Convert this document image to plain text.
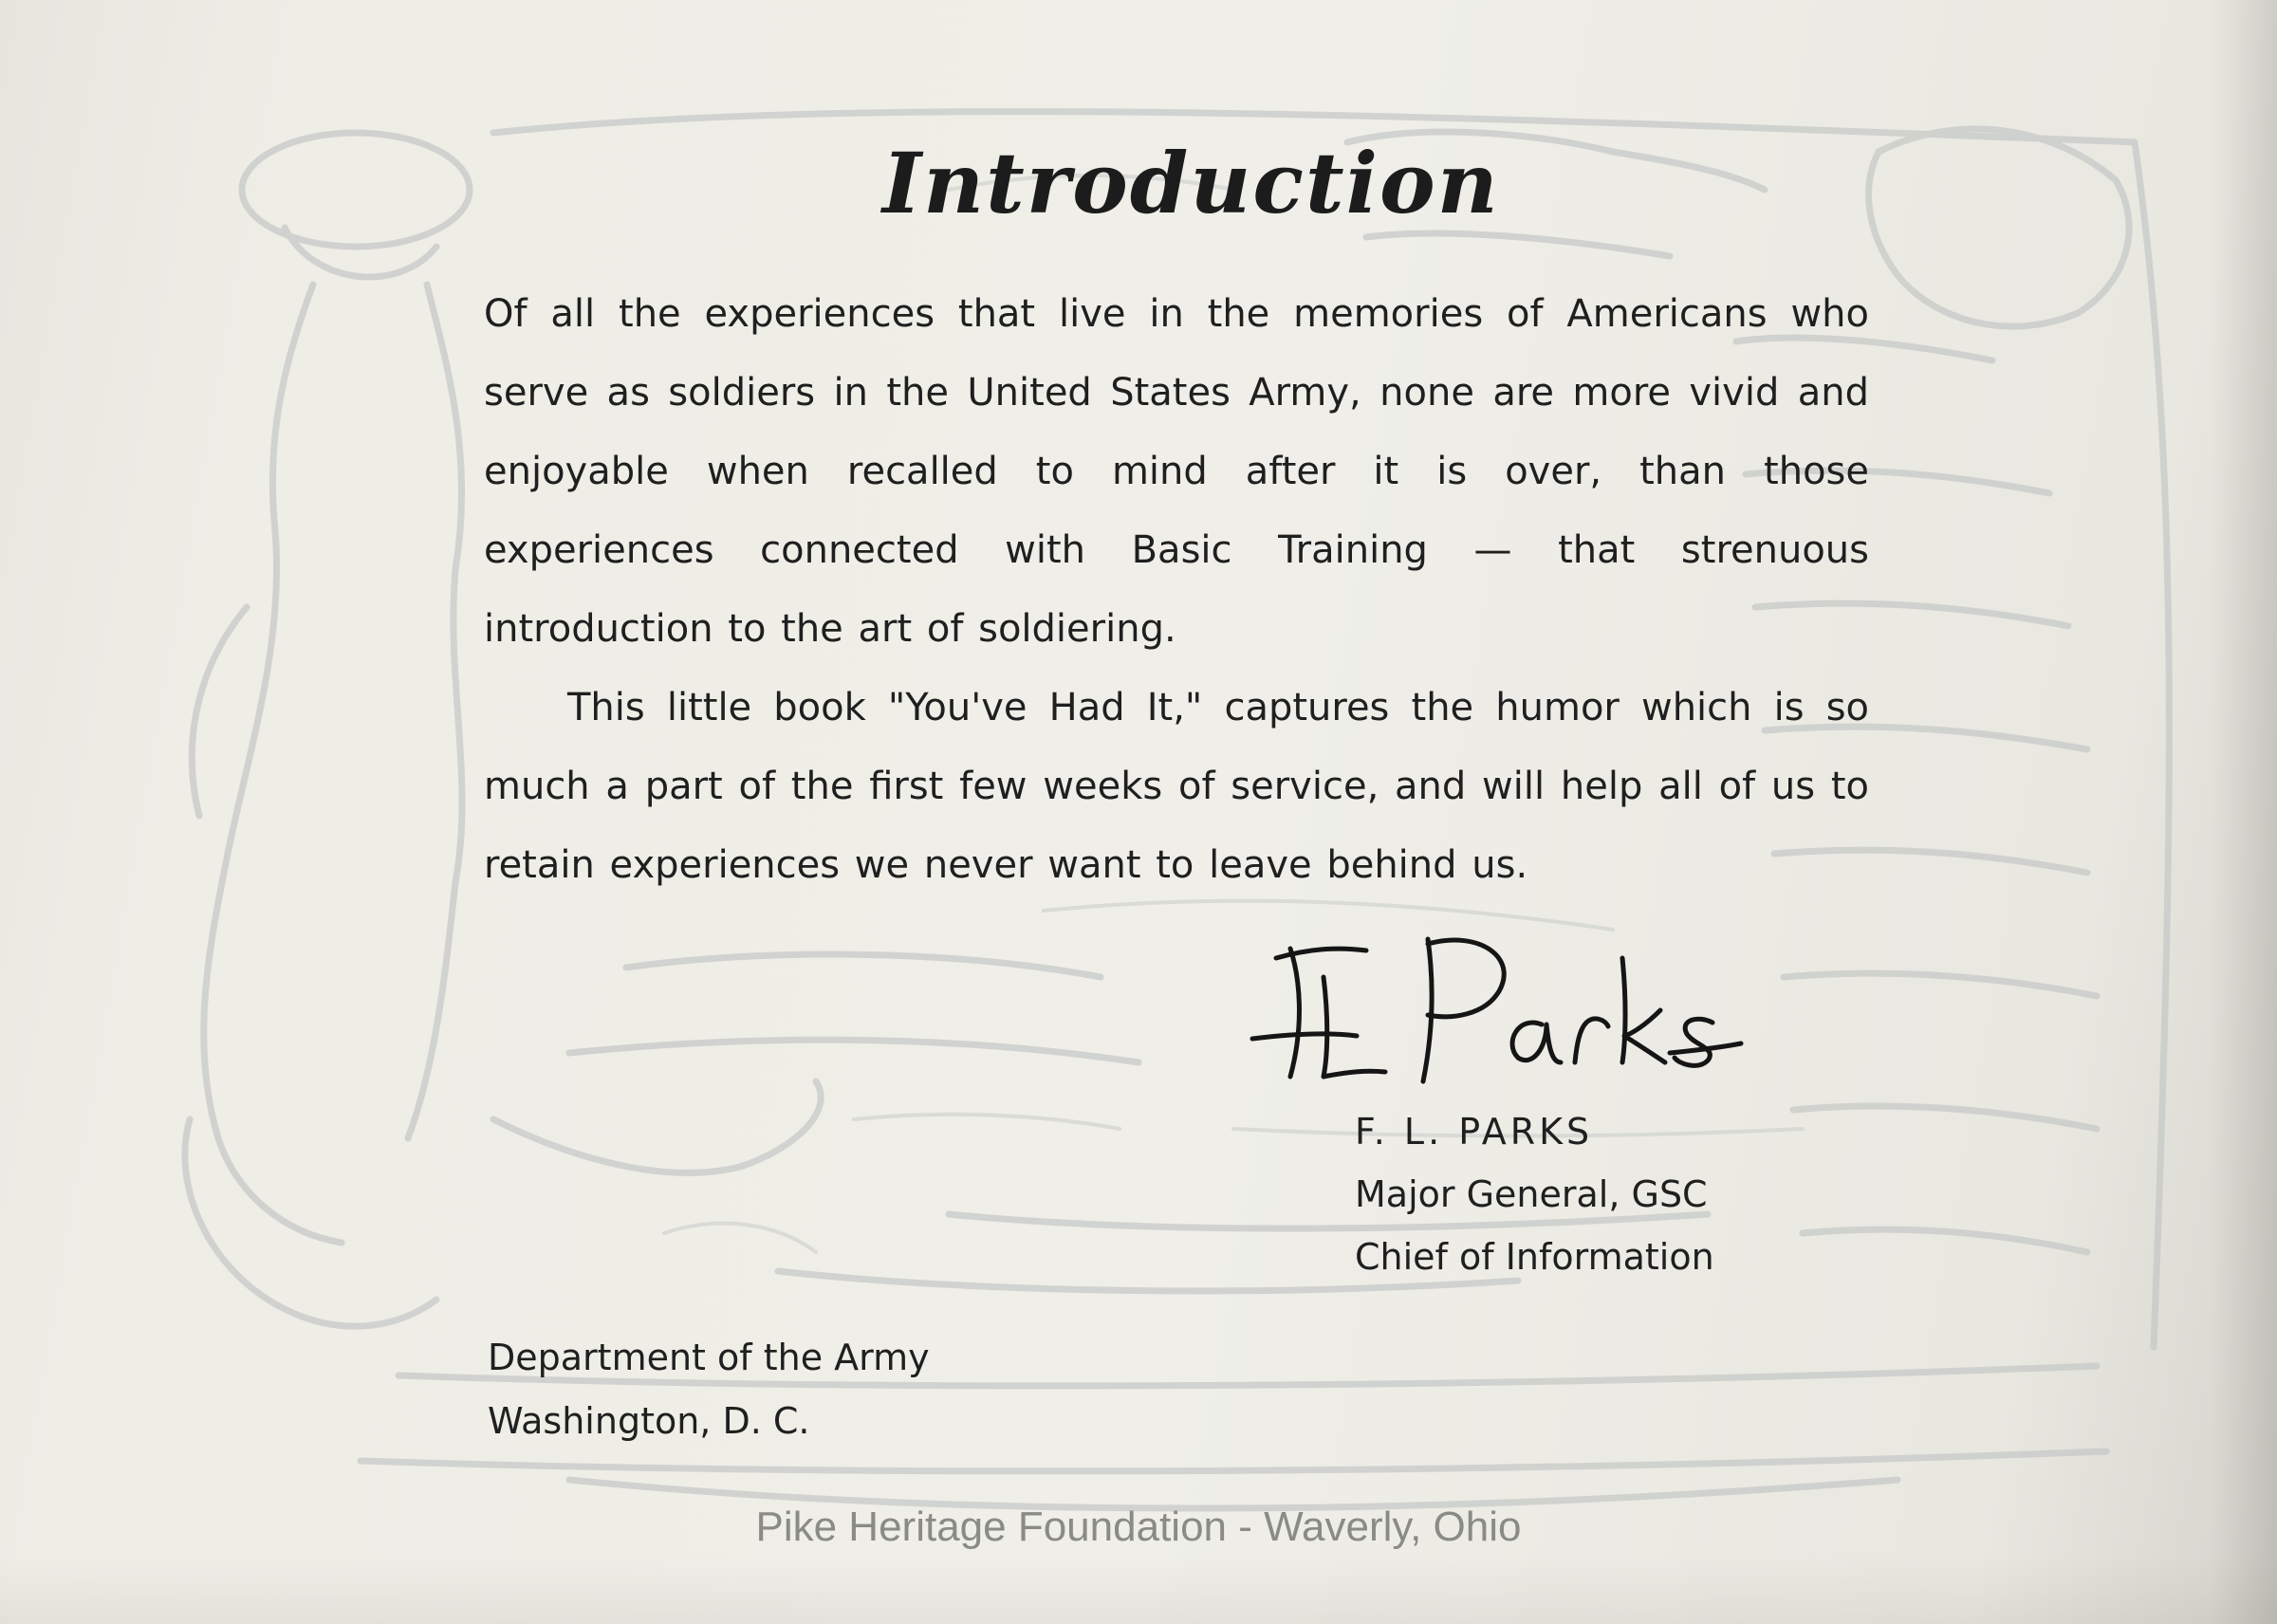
Introduction

Of all the experiences that live in the memories of Americans who serve as soldiers in the United States Army, none are more vivid and enjoyable when recalled to mind after it is over, than those experiences connected with Basic Training — that strenuous introduction to the art of soldiering.

This little book "You've Had It," captures the humor which is so much a part of the first few weeks of service, and will help all of us to retain experiences we never want to leave behind us.

F. L. PARKS
Major General, GSC
Chief of Information
Department of the Army
Washington, D. C.
Pike Heritage Foundation - Waverly, Ohio
